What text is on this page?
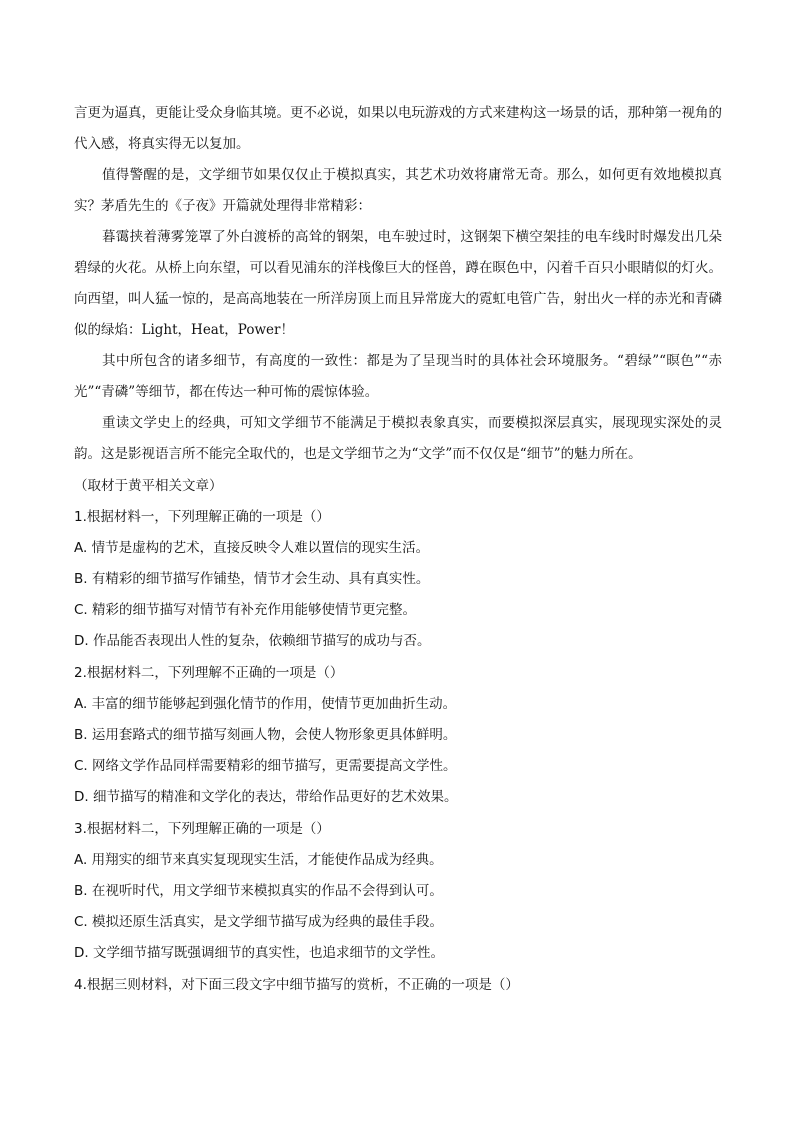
言更为逼真，更能让受众身临其境。更不必说，如果以电玩游戏的方式来建构这一场景的话，那种第一视角的代入感，将真实得无以复加。
值得警醒的是，文学细节如果仅仅止于模拟真实，其艺术功效将庸常无奇。那么，如何更有效地模拟真实？茅盾先生的《子夜》开篇就处理得非常精彩：
暮霭挟着薄雾笼罩了外白渡桥的高耸的钢架，电车驶过时，这钢架下横空架挂的电车线时时爆发出几朵碧绿的火花。从桥上向东望，可以看见浦东的洋栈像巨大的怪兽，蹲在暝色中，闪着千百只小眼睛似的灯火。向西望，叫人猛一惊的，是高高地装在一所洋房顶上而且异常庞大的霓虹电管广告，射出火一样的赤光和青磷似的绿焰：Light，Heat，Power！
其中所包含的诸多细节，有高度的一致性：都是为了呈现当时的具体社会环境服务。“碧绿”“暝色”“赤光”“青磷”等细节，都在传达一种可怖的震惊体验。
重读文学史上的经典，可知文学细节不能满足于模拟表象真实，而要模拟深层真实，展现现实深处的灵韵。这是影视语言所不能完全取代的，也是文学细节之为“文学”而不仅仅是“细节”的魅力所在。
（取材于黄平相关文章）
1.根据材料一，下列理解正确的一项是（）
A. 情节是虚构的艺术，直接反映令人难以置信的现实生活。
B. 有精彩的细节描写作铺垫，情节才会生动、具有真实性。
C. 精彩的细节描写对情节有补充作用能够使情节更完整。
D. 作品能否表现出人性的复杂，依赖细节描写的成功与否。
2.根据材料二，下列理解不正确的一项是（）
A. 丰富的细节能够起到强化情节的作用，使情节更加曲折生动。
B. 运用套路式的细节描写刻画人物，会使人物形象更具体鲜明。
C. 网络文学作品同样需要精彩的细节描写，更需要提高文学性。
D. 细节描写的精准和文学化的表达，带给作品更好的艺术效果。
3.根据材料二，下列理解正确的一项是（）
A. 用翔实的细节来真实复现现实生活，才能使作品成为经典。
B. 在视听时代，用文学细节来模拟真实的作品不会得到认可。
C. 模拟还原生活真实，是文学细节描写成为经典的最佳手段。
D. 文学细节描写既强调细节的真实性，也追求细节的文学性。
4.根据三则材料，对下面三段文字中细节描写的赏析，不正确的一项是（）
